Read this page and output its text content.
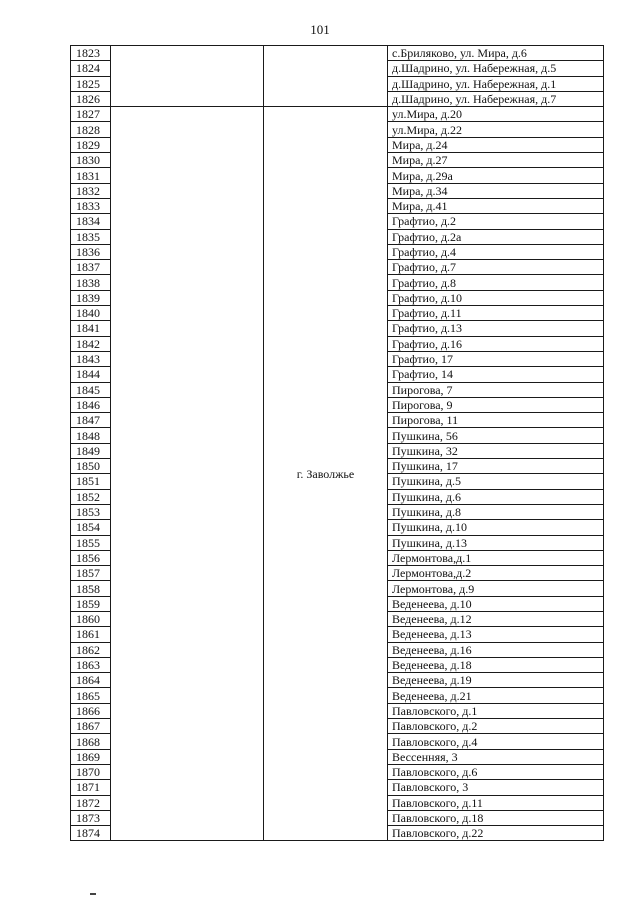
101
1823			с.Бриляково, ул. Мира, д.6
1824			д.Шадрино, ул. Набережная, д.5
1825			д.Шадрино, ул. Набережная, д.1
1826			д.Шадрино, ул. Набережная, д.7
1827		г. Заволжье	ул.Мира, д.20
1828			ул.Мира, д.22
1829			Мира, д.24
1830			Мира, д.27
1831			Мира, д.29а
1832			Мира, д.34
1833			Мира, д.41
1834			Графтио, д.2
1835			Графтио, д.2а
1836			Графтио, д.4
1837			Графтио, д.7
1838			Графтио, д.8
1839			Графтио, д.10
1840			Графтио, д.11
1841			Графтио, д.13
1842			Графтио, д.16
1843			Графтио, 17
1844			Графтио, 14
1845			Пирогова, 7
1846			Пирогова, 9
1847			Пирогова, 11
1848			Пушкина, 56
1849			Пушкина, 32
1850			Пушкина, 17
1851			Пушкина, д.5
1852			Пушкина, д.6
1853			Пушкина, д.8
1854			Пушкина, д.10
1855			Пушкина, д.13
1856			Лермонтова,д.1
1857			Лермонтова,д.2
1858			Лермонтова, д.9
1859			Веденеева, д.10
1860			Веденеева, д.12
1861			Веденеева, д.13
1862			Веденеева, д.16
1863			Веденеева, д.18
1864			Веденеева, д.19
1865			Веденеева, д.21
1866			Павловского, д.1
1867			Павловского, д.2
1868			Павловского, д.4
1869			Вессенняя, 3
1870			Павловского, д.6
1871			Павловского, 3
1872			Павловского, д.11
1873			Павловского, д.18
1874			Павловского, д.22
